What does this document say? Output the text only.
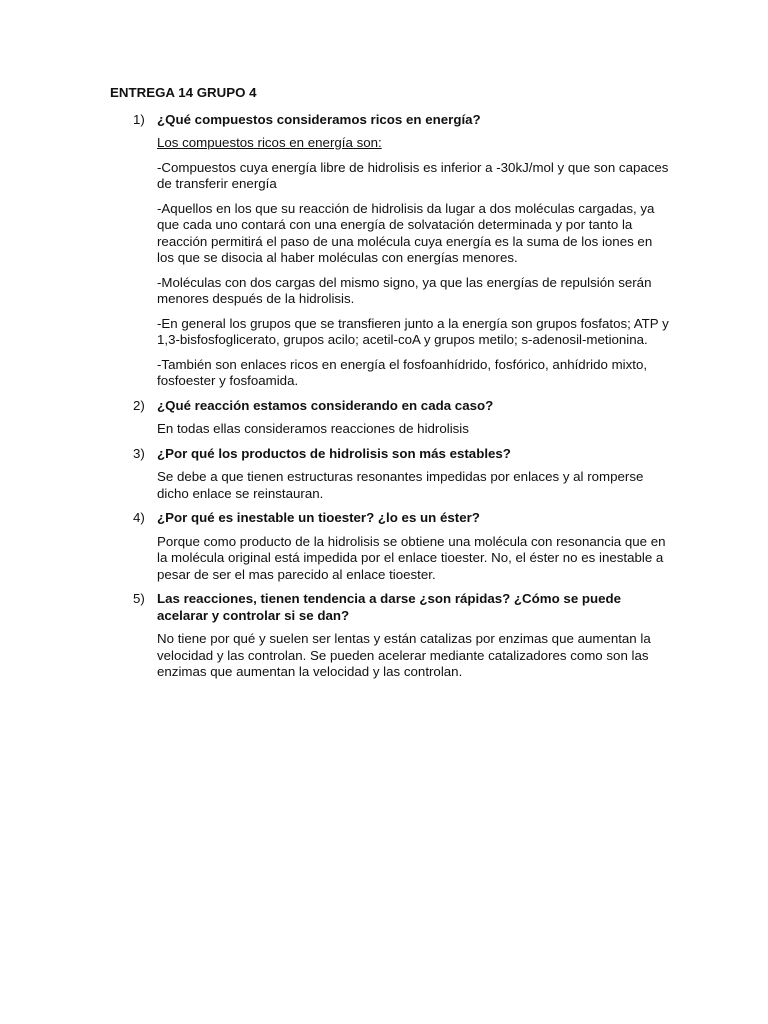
ENTREGA 14 GRUPO 4
1) ¿Qué compuestos consideramos ricos en energía?

Los compuestos ricos en energía son:

-Compuestos cuya energía libre de hidrolisis es inferior a -30kJ/mol y que son capaces de transferir energía

-Aquellos en los que su reacción de hidrolisis da lugar a dos moléculas cargadas, ya que cada uno contará con una energía de solvatación determinada y por tanto la reacción permitirá el paso de una molécula cuya energía es la suma de los iones en los que se disocia al haber moléculas con energías menores.

-Moléculas con dos cargas del mismo signo, ya que las energías de repulsión serán menores después de la hidrolisis.

-En general los grupos que se transfieren junto a la energía son grupos fosfatos; ATP y 1,3-bisfosfoglicerato, grupos acilo; acetil-coA y grupos metilo; s-adenosil-metionina.

-También son enlaces ricos en energía el fosfoanhídrido, fosfórico, anhídrido mixto, fosfoester y fosfoamida.

2) ¿Qué reacción estamos considerando en cada caso?

En todas ellas consideramos reacciones de hidrolisis

3) ¿Por qué los productos de hidrolisis son más estables?

Se debe a que tienen estructuras resonantes impedidas por enlaces y al romperse dicho enlace se reinstauran.

4) ¿Por qué es inestable un tioester? ¿lo es un éster?

Porque como producto de la hidrolisis se obtiene una molécula con resonancia que en la molécula original está impedida por el enlace tioester. No, el éster no es inestable a pesar de ser el mas parecido al enlace tioester.

5) Las reacciones, tienen tendencia a darse ¿son rápidas? ¿Cómo se puede acelarar y controlar si se dan?

No tiene por qué y suelen ser lentas y están catalizas por enzimas que aumentan la velocidad y las controlan. Se pueden acelerar mediante catalizadores como son las enzimas que aumentan la velocidad y las controlan.
